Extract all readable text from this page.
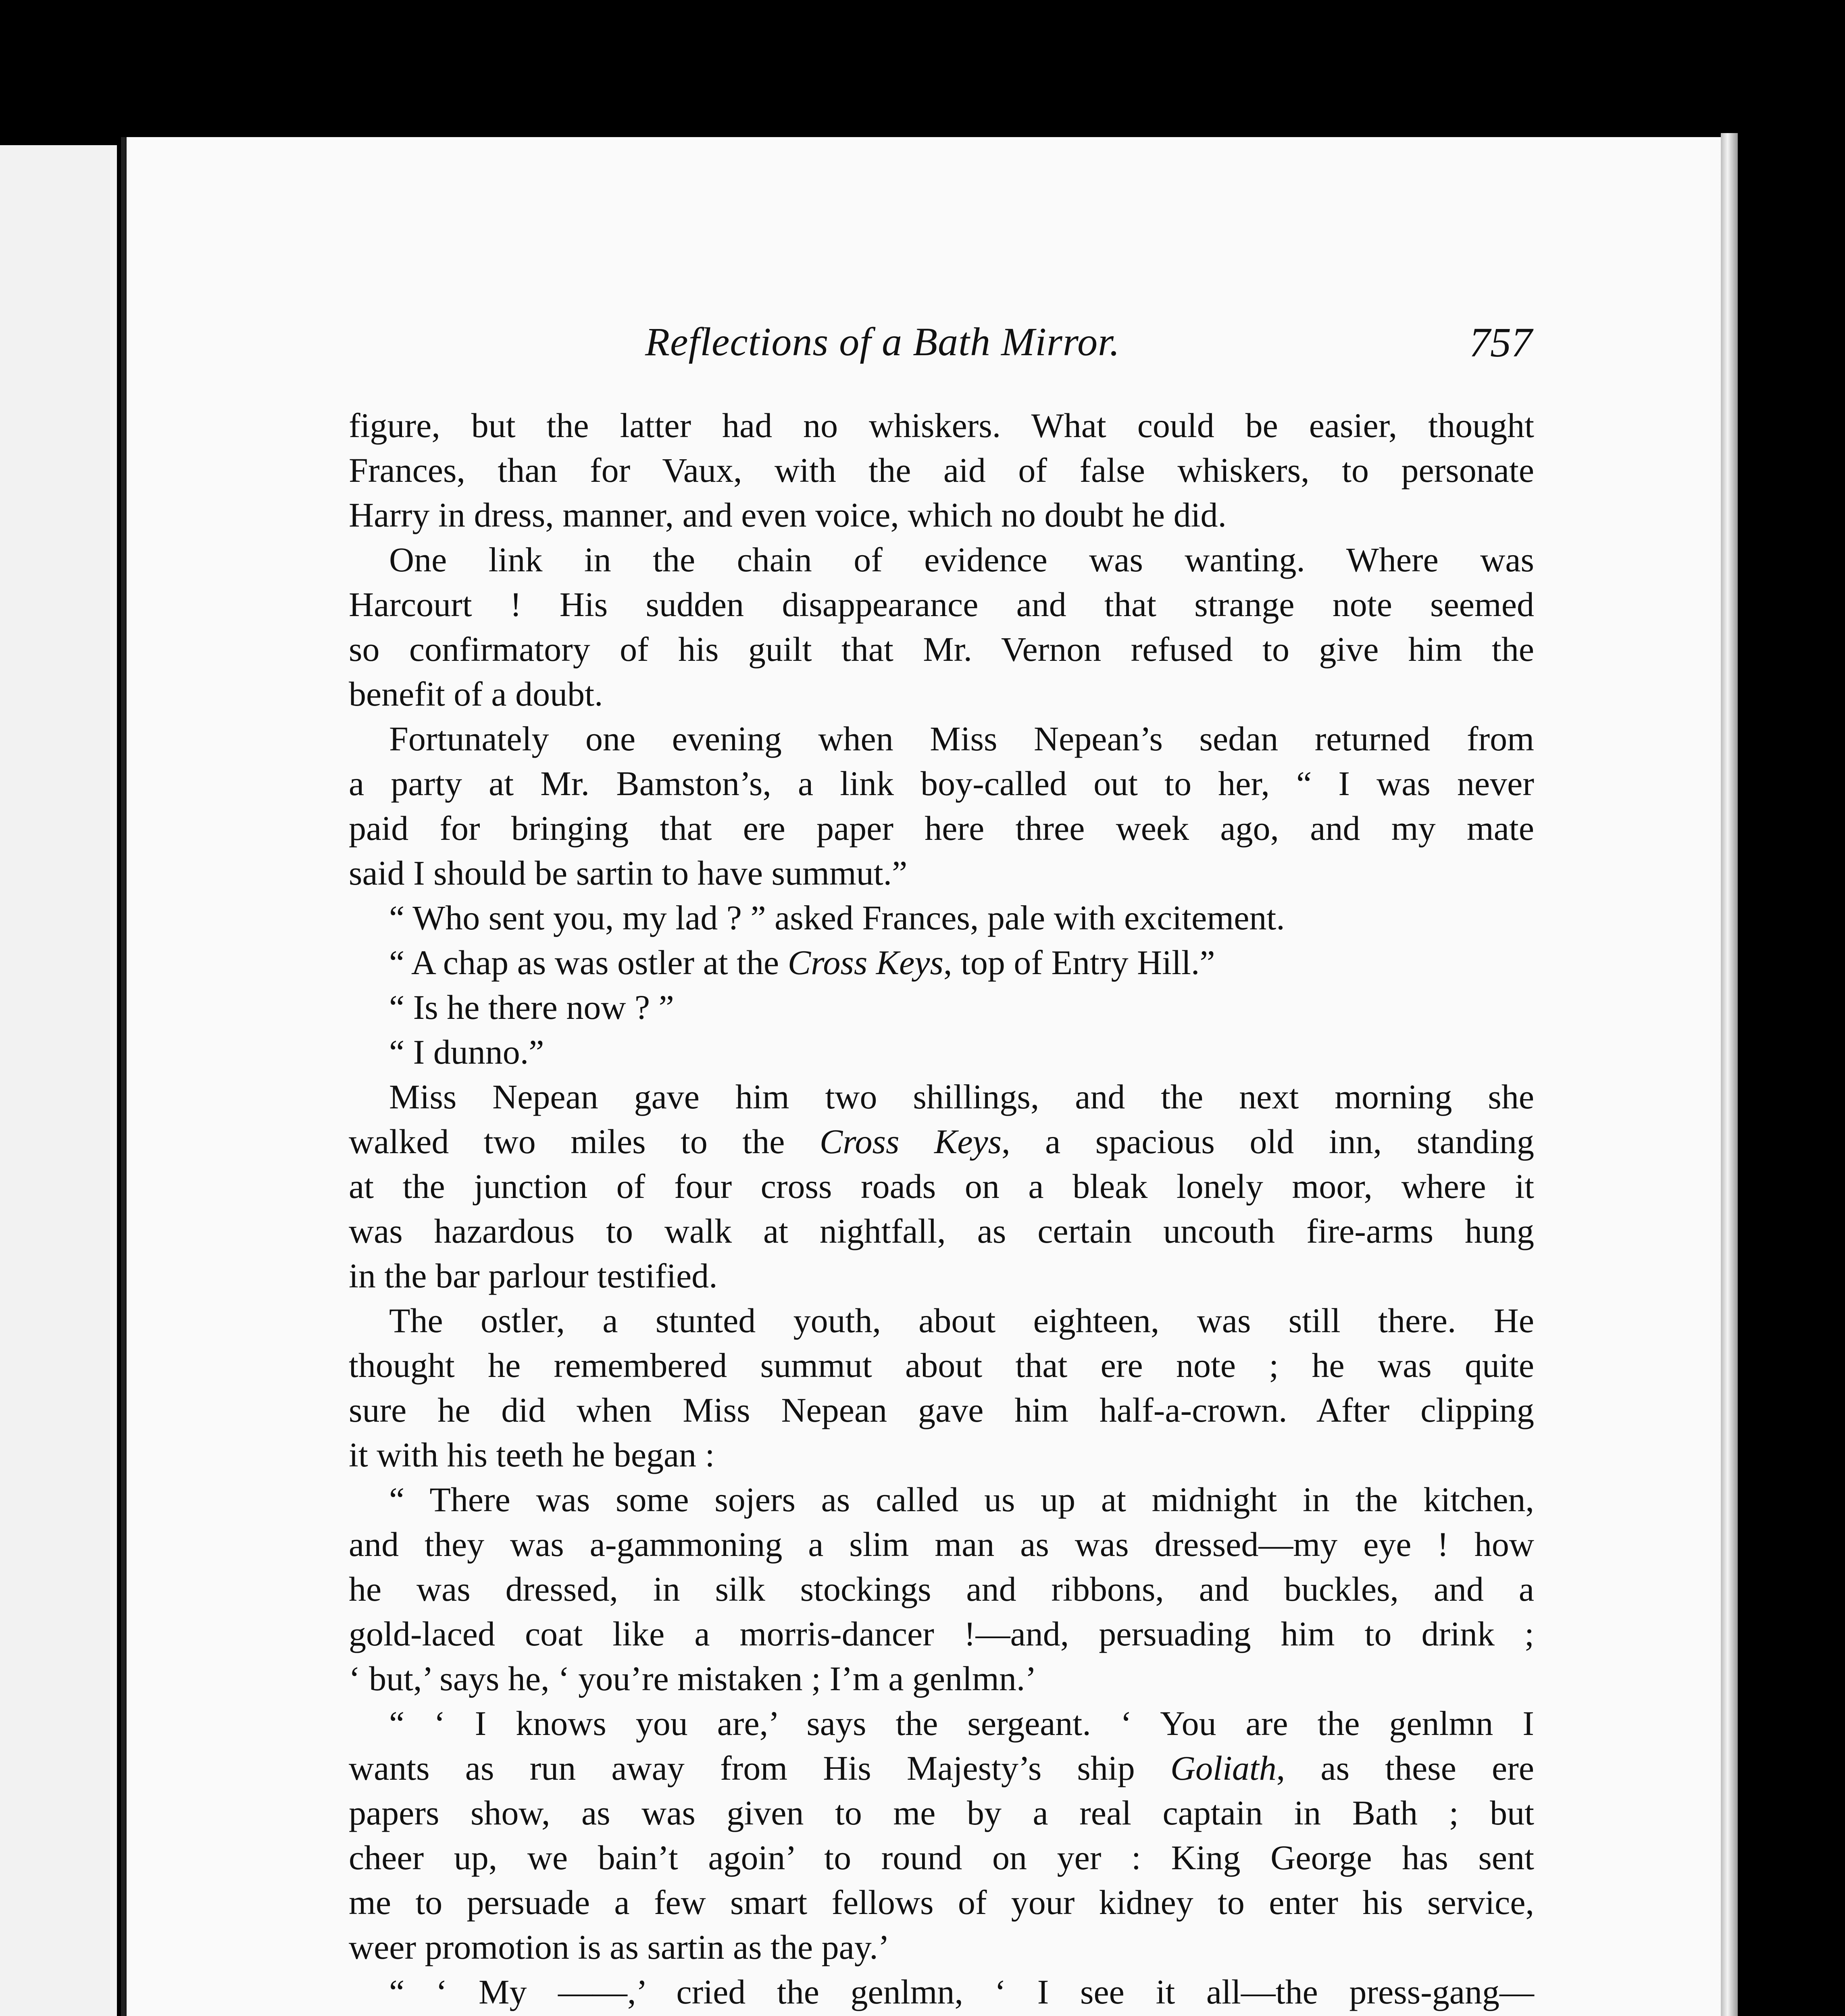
Reflections of a Bath Mirror.	757
figure, but the latter had no whiskers. What could be easier, thought
Frances, than for Vaux, with the aid of false whiskers, to personate
Harry in dress, manner, and even voice, which no doubt he did.
One link in the chain of evidence was wanting. Where was
Harcourt ! His sudden disappearance and that strange note seemed
so confirmatory of his guilt that Mr. Vernon refused to give him the
benefit of a doubt.
Fortunately one evening when Miss Nepean’s sedan returned from
a party at Mr. Bamston’s, a link boy-called out to her, “ I was never
paid for bringing that ere paper here three week ago, and my mate
said I should be sartin to have summut.”
“ Who sent you, my lad ? ” asked Frances, pale with excitement.
“ A chap as was ostler at the Cross Keys, top of Entry Hill.”
“ Is he there now ? ”
“ I dunno.”
Miss Nepean gave him two shillings, and the next morning she
walked two miles to the Cross Keys, a spacious old inn, standing
at the junction of four cross roads on a bleak lonely moor, where it
was hazardous to walk at nightfall, as certain uncouth fire-arms hung
in the bar parlour testified.
The ostler, a stunted youth, about eighteen, was still there. He
thought he remembered summut about that ere note ; he was quite
sure he did when Miss Nepean gave him half-a-crown. After clipping
it with his teeth he began :
“ There was some sojers as called us up at midnight in the kitchen,
and they was a-gammoning a slim man as was dressed—my eye ! how
he was dressed, in silk stockings and ribbons, and buckles, and a
gold-laced coat like a morris-dancer !—and, persuading him to drink ;
‘ but,’ says he, ‘ you’re mistaken ; I’m a genlmn.’
“ ‘ I knows you are,’ says the sergeant. ‘ You are the genlmn I
wants as run away from His Majesty’s ship Goliath, as these ere
papers show, as was given to me by a real captain in Bath ; but
cheer up, we bain’t agoin’ to round on yer : King George has sent
me to persuade a few smart fellows of your kidney to enter his service,
weer promotion is as sartin as the pay.’
“ ‘ My ——,’ cried the genlmn, ‘ I see it all—the press-gang—
